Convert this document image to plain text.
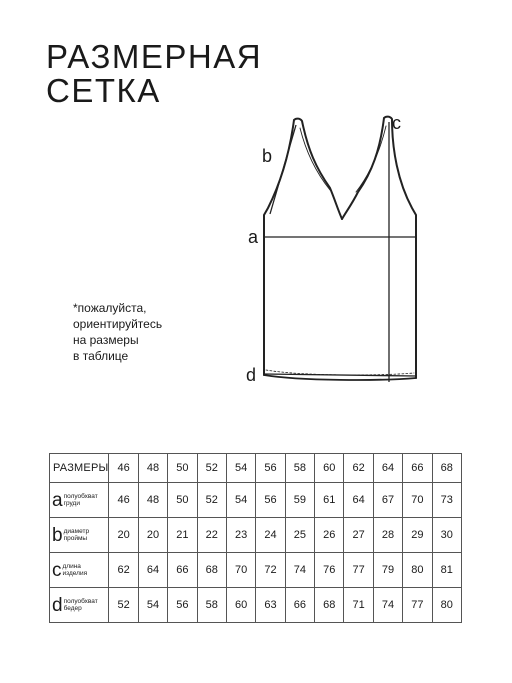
РАЗМЕРНАЯ
СЕТКА
a
b
c
d
*пожалуйста,
ориентируйтесь
на размеры
в таблице
РАЗМЕРЫ	46	48	50	52	54	56	58	60	62	64	66	68
a полуобхват
груди	46	48	50	52	54	56	59	61	64	67	70	73
b диаметр
проймы	20	20	21	22	23	24	25	26	27	28	29	30
c длина
изделия	62	64	66	68	70	72	74	76	77	79	80	81
d полуобхват
бедер	52	54	56	58	60	63	66	68	71	74	77	80
